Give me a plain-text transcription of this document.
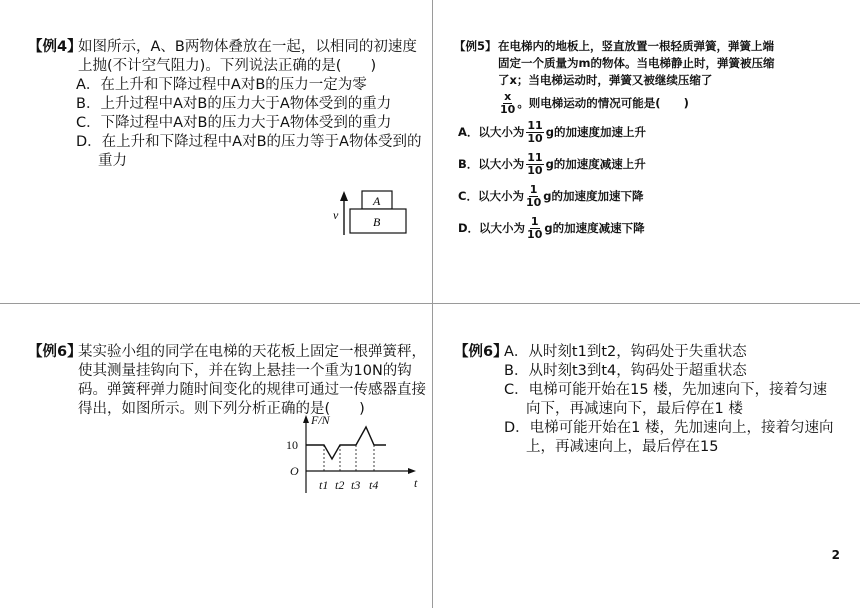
【例4】
如图所示，A、B两物体叠放在一起，以相同的初速度上抛(不计空气阻力)。下列说法正确的是(　　)
A．在上升和下降过程中A对B的压力一定为零
B．上升过程中A对B的压力大于A物体受到的重力
C．下降过程中A对B的压力大于A物体受到的重力
D．在上升和下降过程中A对B的压力等于A物体受到的重力
v
A
B
【例5】 在电梯内的地板上，竖直放置一根轻质弹簧，弹簧上端固定一个质量为m的物体。当电梯静止时，弹簧被压缩了x；当电梯运动时，弹簧又被继续压缩了
$\frac{x}{10}$ 。则电梯运动的情况可能是(　　)
A．以大小为 $\frac{11}{10}$ g的加速度加速上升
B．以大小为 $\frac{11}{10}$ g的加速度减速上升
C．以大小为 $\frac{1}{10}$ g的加速度加速下降
D．以大小为 $\frac{1}{10}$ g的加速度减速下降
【例6】
某实验小组的同学在电梯的天花板上固定一根弹簧秤，使其测量挂钩向下，并在钩上悬挂一个重为10N的钩码。弹簧秤弹力随时间变化的规律可通过一传感器直接得出，如图所示。则下列分析正确的是(　　)
F/N
t
10
O
t1 t2 t3 t4
【例6】
A．从时刻t1到t2，钩码处于失重状态
B．从时刻t3到t4，钩码处于超重状态
C．电梯可能开始在15 楼，先加速向下，接着匀速向下，再减速向下，最后停在1 楼
D．电梯可能开始在1 楼，先加速向上，接着匀速向上，再减速向上，最后停在15
2
